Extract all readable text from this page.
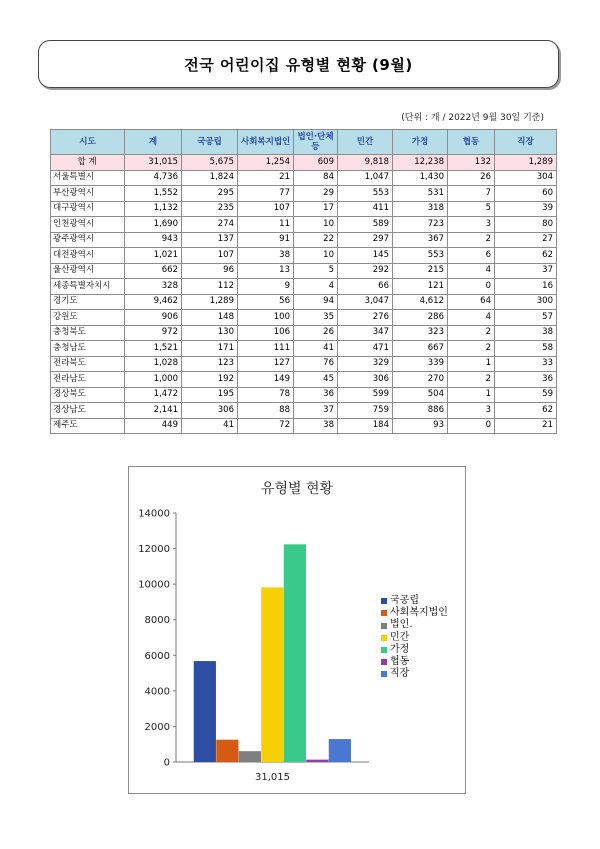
전국 어린이집 유형별 현황 (9월)
(단위 : 개 / 2022년 9월 30일 기준)
시도	계	국공립	사회복지법인	법인·단체등	민간	가정	협동	직장
합 계	31,015	5,675	1,254	609	9,818	12,238	132	1,289
서울특별시	4,736	1,824	21	84	1,047	1,430	26	304
부산광역시	1,552	295	77	29	553	531	7	60
대구광역시	1,132	235	107	17	411	318	5	39
인천광역시	1,690	274	11	10	589	723	3	80
광주광역시	943	137	91	22	297	367	2	27
대전광역시	1,021	107	38	10	145	553	6	62
울산광역시	662	96	13	5	292	215	4	37
세종특별자치시	328	112	9	4	66	121	0	16
경기도	9,462	1,289	56	94	3,047	4,612	64	300
강원도	906	148	100	35	276	286	4	57
충청북도	972	130	106	26	347	323	2	38
충청남도	1,521	171	111	41	471	667	2	58
전라북도	1,028	123	127	76	329	339	1	33
전라남도	1,000	192	149	45	306	270	2	36
경상북도	1,472	195	78	36	599	504	1	59
경상남도	2,141	306	88	37	759	886	3	62
제주도	449	41	72	38	184	93	0	21
유형별 현황
0
2000
4000
6000
8000
10000
12000
14000
31,015
국공립
사회복지법인
법인.
민간
가정
협동
직장
